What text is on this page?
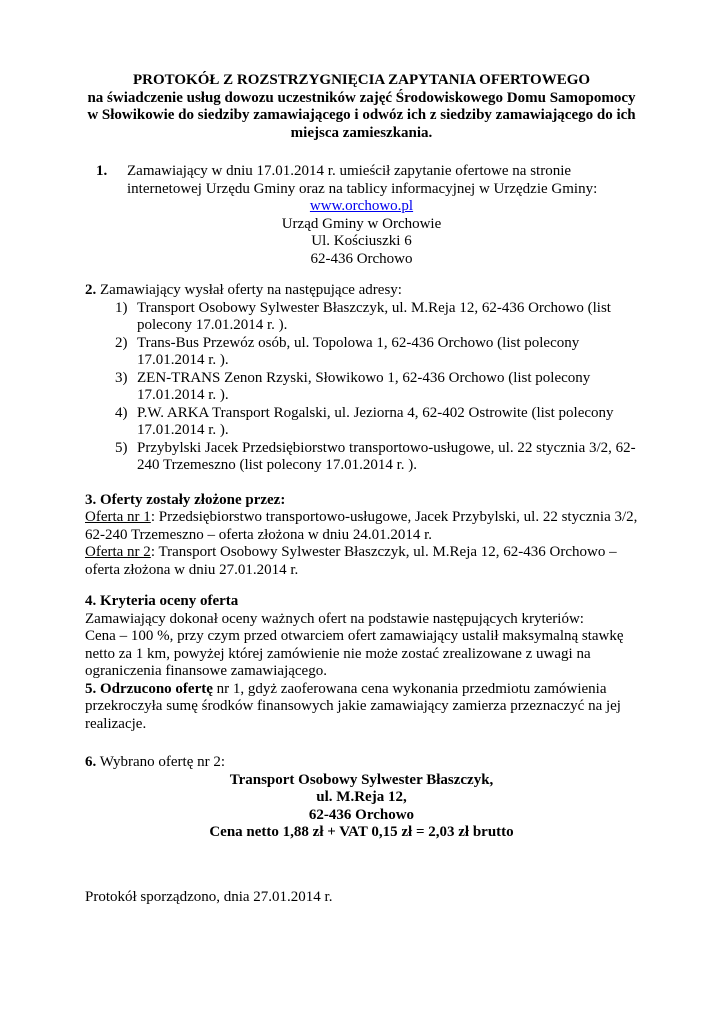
PROTOKÓŁ Z ROZSTRZYGNIĘCIA ZAPYTANIA OFERTOWEGO
na świadczenie usług dowozu uczestników zajęć Środowiskowego Domu Samopomocy w Słowikowie do siedziby zamawiającego i odwóz ich z siedziby zamawiającego do ich miejsca zamieszkania.
1. Zamawiający w dniu 17.01.2014 r. umieścił zapytanie ofertowe na stronie internetowej Urzędu Gminy oraz na tablicy informacyjnej w Urzędzie Gminy:
www.orchowo.pl
Urząd Gminy w Orchowie
Ul. Kościuszki 6
62-436 Orchowo

2. Zamawiający wysłał oferty na następujące adresy:

1) Transport Osobowy Sylwester Błaszczyk, ul. M.Reja 12, 62-436 Orchowo (list polecony 17.01.2014 r. ).
2) Trans-Bus Przewóz osób, ul. Topolowa 1, 62-436 Orchowo (list polecony 17.01.2014 r. ).
3) ZEN-TRANS Zenon Rzyski, Słowikowo 1, 62-436 Orchowo (list polecony 17.01.2014 r. ).
4) P.W. ARKA Transport Rogalski, ul. Jeziorna 4, 62-402 Ostrowite (list polecony 17.01.2014 r. ).
5) Przybylski Jacek Przedsiębiorstwo transportowo-usługowe, ul. 22 stycznia 3/2, 62-240 Trzemeszno (list polecony 17.01.2014 r. ).

3. Oferty zostały złożone przez:

Oferta nr 1: Przedsiębiorstwo transportowo-usługowe, Jacek Przybylski, ul. 22 stycznia 3/2, 62-240 Trzemeszno – oferta złożona w dniu 24.01.2014 r.

Oferta nr 2: Transport Osobowy Sylwester Błaszczyk, ul. M.Reja 12, 62-436 Orchowo – oferta złożona w dniu 27.01.2014 r.

4. Kryteria oceny oferta

Zamawiający dokonał oceny ważnych ofert na podstawie następujących kryteriów:

Cena – 100 %, przy czym przed otwarciem ofert zamawiający ustalił maksymalną stawkę netto za 1 km, powyżej której zamówienie nie może zostać zrealizowane z uwagi na ograniczenia finansowe zamawiającego.

5. Odrzucono ofertę nr 1, gdyż zaoferowana cena wykonania przedmiotu zamówienia przekroczyła sumę środków finansowych jakie zamawiający zamierza przeznaczyć na jej realizacje.

6. Wybrano ofertę nr 2:

Transport Osobowy Sylwester Błaszczyk,
ul. M.Reja 12,
62-436 Orchowo
Cena netto 1,88 zł + VAT 0,15 zł = 2,03 zł brutto

Protokół sporządzono, dnia 27.01.2014 r.
